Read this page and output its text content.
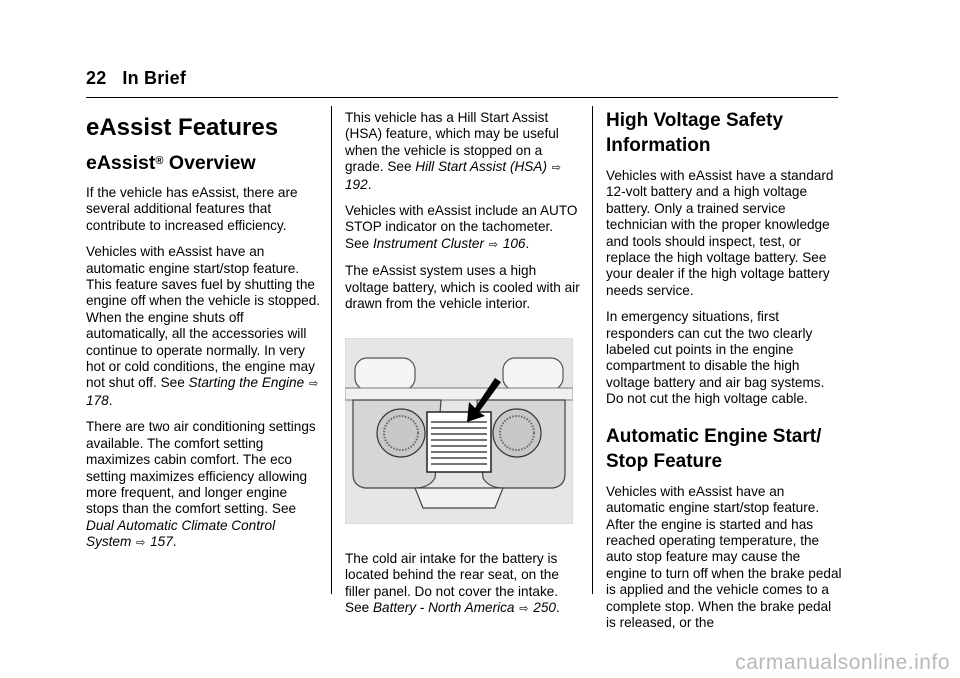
22 In Brief
eAssist Features
eAssist® Overview

If the vehicle has eAssist, there are several additional features that contribute to increased efficiency.

Vehicles with eAssist have an automatic engine start/stop feature. This feature saves fuel by shutting the engine off when the vehicle is stopped. When the engine shuts off automatically, all the accessories will continue to operate normally. In very hot or cold conditions, the engine may not shut off. See Starting the Engine ⇨ 178.

There are two air conditioning settings available. The comfort setting maximizes cabin comfort. The eco setting maximizes efficiency allowing more frequent, and longer engine stops than the comfort setting. See Dual Automatic Climate Control System ⇨ 157.

This vehicle has a Hill Start Assist (HSA) feature, which may be useful when the vehicle is stopped on a grade. See Hill Start Assist (HSA) ⇨ 192.

Vehicles with eAssist include an AUTO STOP indicator on the tachometer. See Instrument Cluster ⇨ 106.

The eAssist system uses a high voltage battery, which is cooled with air drawn from the vehicle interior.

The cold air intake for the battery is located behind the rear seat, on the filler panel. Do not cover the intake. See Battery - North America ⇨ 250.

High Voltage Safety Information

Vehicles with eAssist have a standard 12-volt battery and a high voltage battery. Only a trained service technician with the proper knowledge and tools should inspect, test, or replace the high voltage battery. See your dealer if the high voltage battery needs service.

In emergency situations, first responders can cut the two clearly labeled cut points in the engine compartment to disable the high voltage battery and air bag systems. Do not cut the high voltage cable.

Automatic Engine Start/ Stop Feature

Vehicles with eAssist have an automatic engine start/stop feature. After the engine is started and has reached operating temperature, the auto stop feature may cause the engine to turn off when the brake pedal is applied and the vehicle comes to a complete stop. When the brake pedal is released, or the

carmanualsonline.info
